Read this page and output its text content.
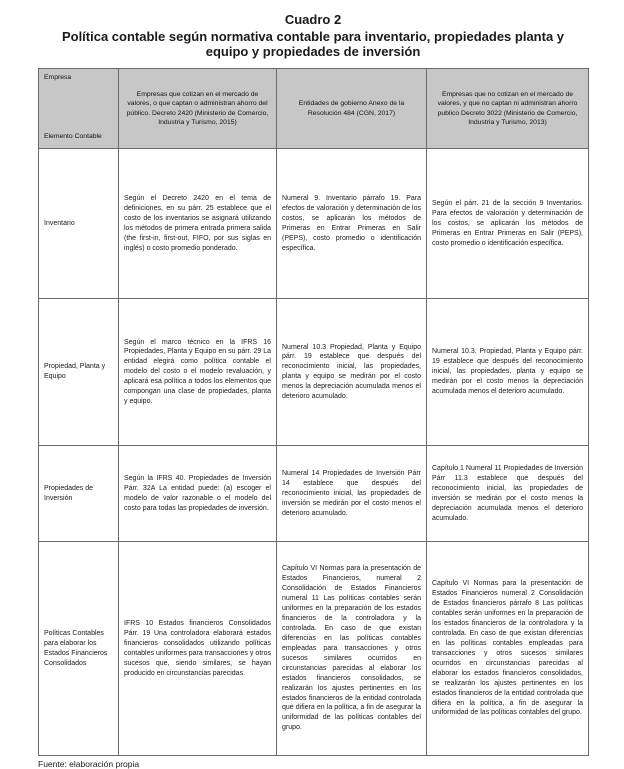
Cuadro 2
Política contable según normativa contable para inventario, propiedades planta y equipo y propiedades de inversión
Empresa
Elemento Contable	Empresas que cotizan en el mercado de valores, o que captan o administran ahorro del público. Decreto 2420 (Ministerio de Comercio, Industria y Turismo, 2015)	Entidades de gobierno Anexo de la Resolución 484 (CGN, 2017)	Empresas que no cotizan en el mercado de valores, y que no captan ni administran ahorro publico Decreto 3022 (Ministerio de Comercio, Industria y Turismo, 2013)
Inventario	Según el Decreto 2420 en el tema de definiciones, en su párr. 25 establece que el costo de los inventarios se asignará utilizando los métodos de primera entrada primera salida (the first-in, first-out, FIFO, por sus siglas en inglés) o costo promedio ponderado.	Numeral 9. Inventario párrafo 19. Para efectos de valoración y determinación de los costos, se aplicarán los métodos de Primeras en Entrar Primeras en Salir (PEPS), costo promedio o identificación específica.	Según el párr. 21 de la sección 9 Inventarios. Para efectos de valoración y determinación de los costos, se aplicarán los métodos de Primeras en Entrar Primeras en Salir (PEPS), costo promedio o identificación específica.
Propiedad, Planta y Equipo	Según el marco técnico en la IFRS 16 Propiedades, Planta y Equipo en su párr. 29 La entidad elegirá como política contable el modelo del costo o el modelo revaluación, y aplicará esa política a todos los elementos que compongan una clase de propiedades, planta y equipo.	Numeral 10.3 Propiedad, Planta y Equipo párr. 19 establece que después del reconocimiento inicial, las propiedades, planta y equipo se medirán por el costo menos la depreciación acumulada menos el deterioro acumulado.	Numeral 10.3. Propiedad, Planta y Equipo párr. 19 establece que después del reconocimiento inicial, las propiedades, planta y equipo se medirán por el costo menos la depreciación acumulada menos el deterioro acumulado.
Propiedades de Inversión	Según la IFRS 40. Propiedades de Inversión Párr. 32A La entidad puede: (a) escoger el modelo de valor razonable o el modelo del costo para todas las propiedades de inversión.	Numeral 14 Propiedades de Inversión Párr 14 establece que después del reconocimiento inicial, las propiedades de inversión se medirán por el costo menos el deterioro acumulado.	Capítulo 1 Numeral 11 Propiedades de Inversión Párr 11.3 establece que después del reconocimiento inicial, las propiedades de inversión se medirán por el costo menos la depreciación acumulada menos el deterioro acumulado.
Políticas Contables para elaborar los Estados Financieros Consolidados	IFRS 10 Estados financieros Consolidados Párr. 19 Una controladora elaborará estados financieros consolidados utilizando políticas contables uniformes para transacciones y otros sucesos que, siendo similares, se hayan producido en circunstancias parecidas.	Capítulo VI Normas para la presentación de Estados Financieros, numeral 2 Consolidación de Estados Financieros numeral 11 Las políticas contables serán uniformes en la preparación de los estados financieros de la controladora y la controlada. En caso de que existan diferencias en las políticas contables empleadas para transacciones y otros sucesos similares ocurridos en circunstancias parecidas al elaborar los estados financieros consolidados, se realizarán los ajustes pertinentes en los estados financieros de la entidad controlada que difiera en la política, a fin de asegurar la uniformidad de las políticas contables del grupo.	Capítulo VI Normas para la presentación de Estados Financieros numeral 2 Consolidación de Estados financieros párrafo 8 Las políticas contables serán uniformes en la preparación de los estados financieros de la controladora y la controlada. En caso de que existan diferencias en las políticas contables empleadas para transacciones y otros sucesos similares ocurridos en circunstancias parecidas al elaborar los estados financieros consolidados, se realizarán los ajustes pertinentes en los estados financieros de la entidad controlada que difiera en la política, a fin de asegurar la uniformidad de las políticas contables del grupo.
Fuente: elaboración propia
